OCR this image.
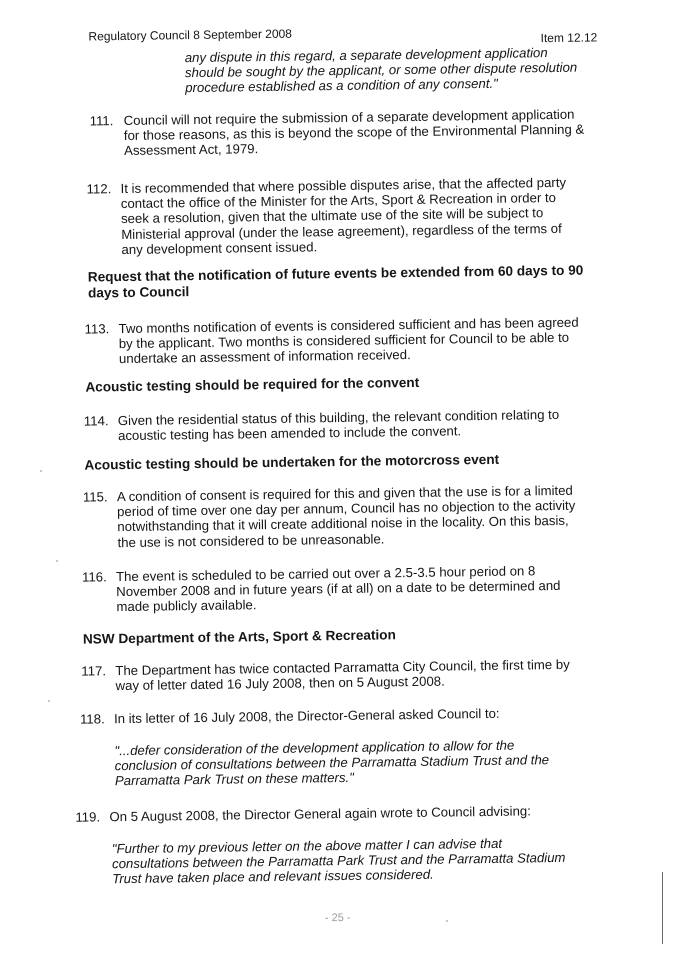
Regulatory Council 8 September 2008	Item 12.12
any dispute in this regard, a separate development application
should be sought by the applicant, or some other dispute resolution
procedure established as a condition of any consent."
111. Council will not require the submission of a separate development application
for those reasons, as this is beyond the scope of the Environmental Planning &
Assessment Act, 1979.
112. It is recommended that where possible disputes arise, that the affected party
contact the office of the Minister for the Arts, Sport & Recreation in order to
seek a resolution, given that the ultimate use of the site will be subject to
Ministerial approval (under the lease agreement), regardless of the terms of
any development consent issued.
Request that the notification of future events be extended from 60 days to 90
days to Council
113. Two months notification of events is considered sufficient and has been agreed
by the applicant. Two months is considered sufficient for Council to be able to
undertake an assessment of information received.
Acoustic testing should be required for the convent
114. Given the residential status of this building, the relevant condition relating to
acoustic testing has been amended to include the convent.
Acoustic testing should be undertaken for the motorcross event
115. A condition of consent is required for this and given that the use is for a limited
period of time over one day per annum, Council has no objection to the activity
notwithstanding that it will create additional noise in the locality. On this basis,
the use is not considered to be unreasonable.
116. The event is scheduled to be carried out over a 2.5-3.5 hour period on 8
November 2008 and in future years (if at all) on a date to be determined and
made publicly available.
NSW Department of the Arts, Sport & Recreation
117. The Department has twice contacted Parramatta City Council, the first time by
way of letter dated 16 July 2008, then on 5 August 2008.
118. In its letter of 16 July 2008, the Director-General asked Council to:
"...defer consideration of the development application to allow for the
conclusion of consultations between the Parramatta Stadium Trust and the
Parramatta Park Trust on these matters."
119. On 5 August 2008, the Director General again wrote to Council advising:
"Further to my previous letter on the above matter I can advise that
consultations between the Parramatta Park Trust and the Parramatta Stadium
Trust have taken place and relevant issues considered.
- 25 -
